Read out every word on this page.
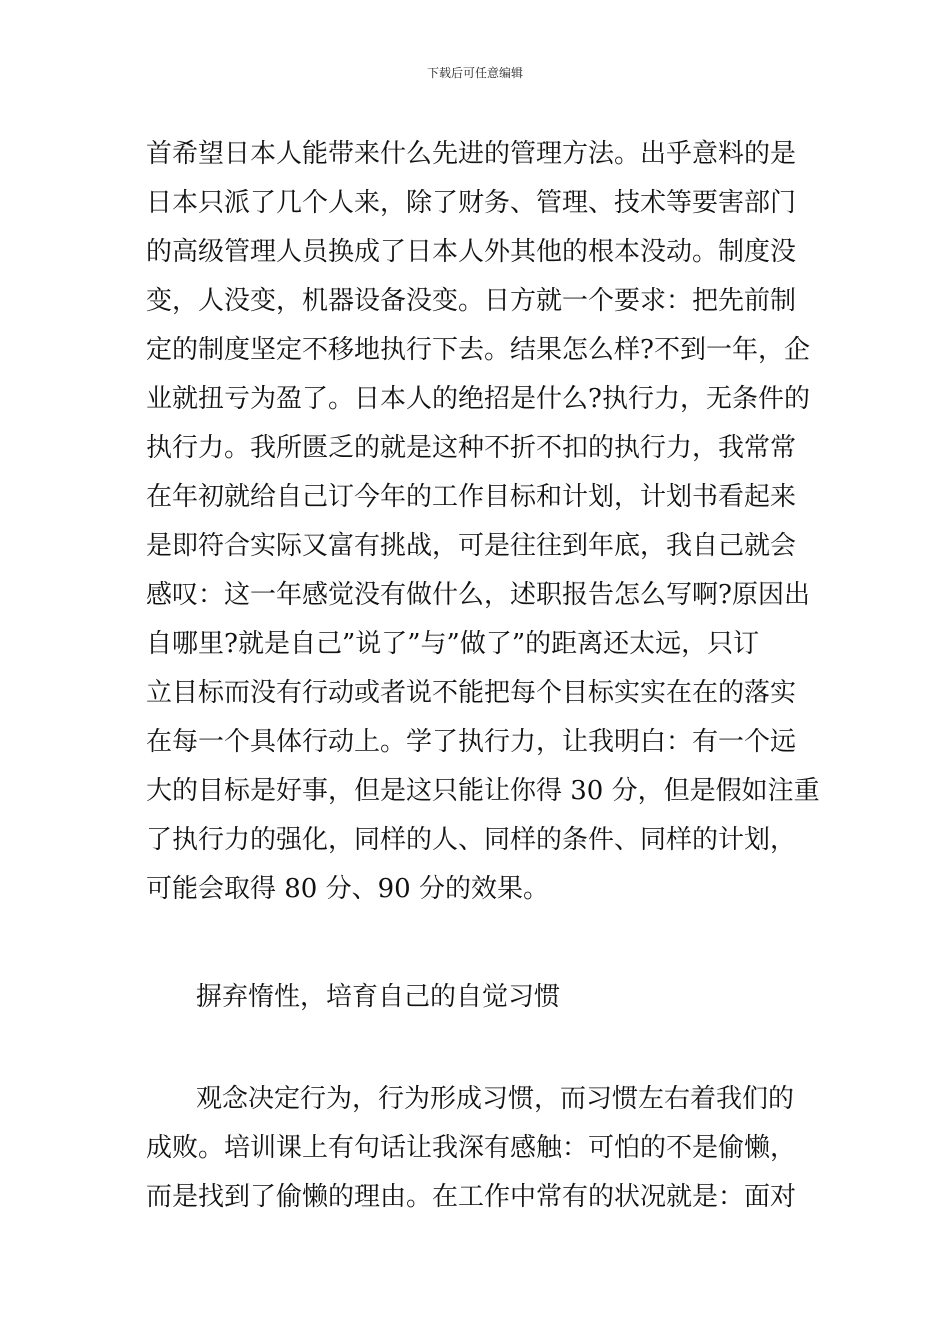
下载后可任意编辑
首希望日本人能带来什么先进的管理方法。出乎意料的是
日本只派了几个人来，除了财务、管理、技术等要害部门
的高级管理人员换成了日本人外其他的根本没动。制度没
变，人没变，机器设备没变。日方就一个要求：把先前制
定的制度坚定不移地执行下去。结果怎么样?不到一年，企
业就扭亏为盈了。日本人的绝招是什么?执行力，无条件的
执行力。我所匮乏的就是这种不折不扣的执行力，我常常
在年初就给自己订今年的工作目标和计划，计划书看起来
是即符合实际又富有挑战，可是往往到年底，我自己就会
感叹：这一年感觉没有做什么，述职报告怎么写啊?原因出
自哪里?就是自己”说了”与”做了”的距离还太远，只订
立目标而没有行动或者说不能把每个目标实实在在的落实
在每一个具体行动上。学了执行力，让我明白：有一个远
大的目标是好事，但是这只能让你得 30 分，但是假如注重
了执行力的强化，同样的人、同样的条件、同样的计划，
可能会取得 80 分、90 分的效果。
摒弃惰性，培育自己的自觉习惯
观念决定行为，行为形成习惯，而习惯左右着我们的
成败。培训课上有句话让我深有感触：可怕的不是偷懒，
而是找到了偷懒的理由。在工作中常有的状况就是：面对
